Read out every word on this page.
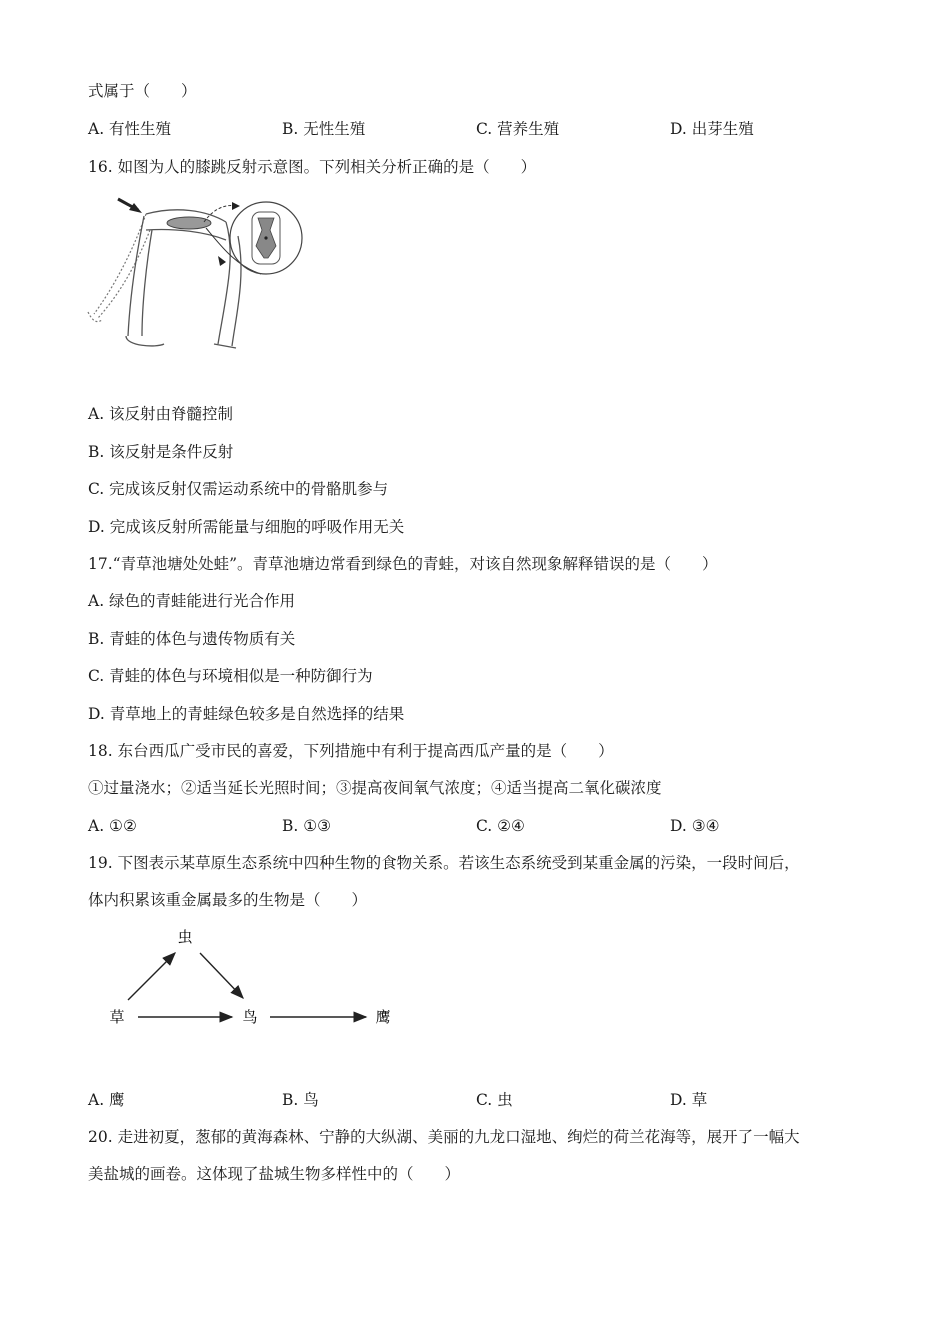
式属于（　　）
A. 有性生殖	B. 无性生殖	C. 营养生殖	D. 出芽生殖
16. 如图为人的膝跳反射示意图。下列相关分析正确的是（　　）
A. 该反射由脊髓控制
B. 该反射是条件反射
C. 完成该反射仅需运动系统中的骨骼肌参与
D. 完成该反射所需能量与细胞的呼吸作用无关
17.“青草池塘处处蛙”。青草池塘边常看到绿色的青蛙，对该自然现象解释错误的是（　　）
A. 绿色的青蛙能进行光合作用
B. 青蛙的体色与遗传物质有关
C. 青蛙的体色与环境相似是一种防御行为
D. 青草地上的青蛙绿色较多是自然选择的结果
18. 东台西瓜广受市民的喜爱，下列措施中有利于提高西瓜产量的是（　　）
①过量浇水；②适当延长光照时间；③提高夜间氧气浓度；④适当提高二氧化碳浓度
A. ①②	B. ①③	C. ②④	D. ③④
19. 下图表示某草原生态系统中四种生物的食物关系。若该生态系统受到某重金属的污染，一段时间后，
体内积累该重金属最多的生物是（　　）
虫
草	鸟	鹰
A. 鹰	B. 鸟	C. 虫	D. 草
20. 走进初夏，葱郁的黄海森林、宁静的大纵湖、美丽的九龙口湿地、绚烂的荷兰花海等，展开了一幅大
美盐城的画卷。这体现了盐城生物多样性中的（　　）
